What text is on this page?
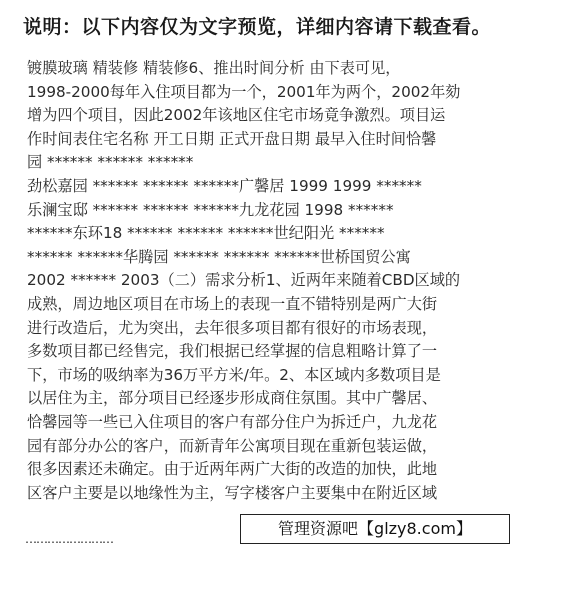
说明：以下内容仅为文字预览，详细内容请下载查看。
镀膜玻璃 精装修 精装修6、推出时间分析 由下表可见，
1998-2000每年入住项目都为一个，2001年为两个，2002年劾
增为四个项目，因此2002年该地区住宅市场竟争激烈。项目运
作时间表住宅名称 开工日期 正式开盘日期 最早入住时间恰馨
园 ****** ****** ******
劲松嘉园 ****** ****** ******广馨居 1999 1999 ******
乐澜宝邸 ****** ****** ******九龙花园 1998 ******
******东环18 ****** ****** ******世纪阳光 ******
****** ******华腾园 ****** ****** ******世桥国贸公寓
2002 ****** 2003（二）需求分析1、近两年来随着CBD区域的
成熟，周边地区项目在市场上的表现一直不错特别是两广大街
进行改造后，尤为突出，去年很多项目都有很好的市场表现，
多数项目都已经售完，我们根据已经掌握的信息粗略计算了一
下，市场的吸纳率为36万平方米/年。2、本区域内多数项目是
以居住为主，部分项目已经逐步形成商住氛围。其中广馨居、
恰馨园等一些已入住项目的客户有部分住户为拆迁户，九龙花
园有部分办公的客户，而新青年公寓项目现在重新包装运做，
很多因素还未确定。由于近两年两广大街的改造的加快，此地
区客户主要是以地缘性为主，写字楼客户主要集中在附近区域
……………………
管理资源吧【glzy8.com】
